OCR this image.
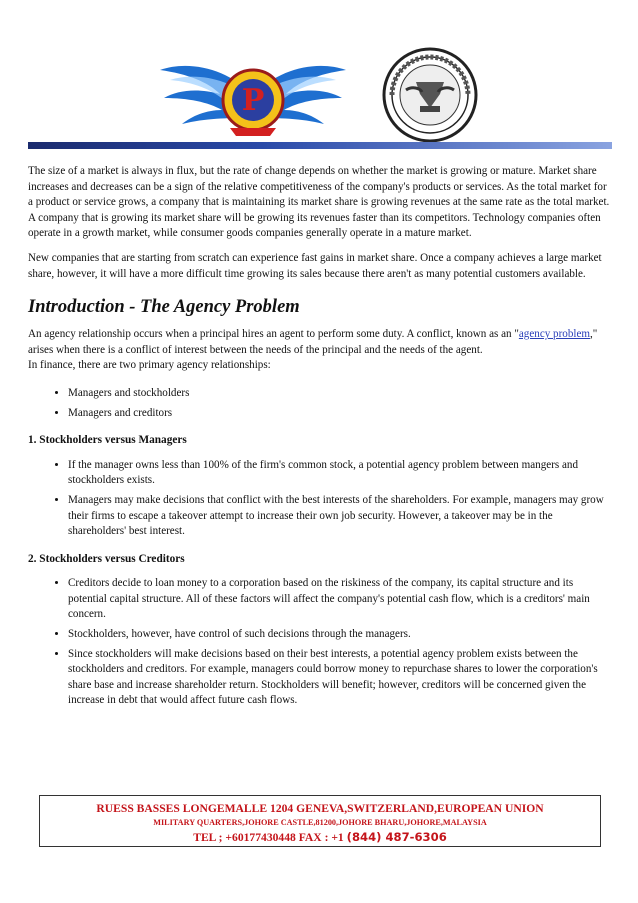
P

The size of a market is always in flux, but the rate of change depends on whether the market is growing or mature. Market share increases and decreases can be a sign of the relative competitiveness of the company's products or services. As the total market for a product or service grows, a company that is maintaining its market share is growing revenues at the same rate as the total market. A company that is growing its market share will be growing its revenues faster than its competitors. Technology companies often operate in a growth market, while consumer goods companies generally operate in a mature market.

New companies that are starting from scratch can experience fast gains in market share. Once a company achieves a large market share, however, it will have a more difficult time growing its sales because there aren't as many potential customers available.

Introduction - The Agency Problem
An agency relationship occurs when a principal hires an agent to perform some duty. A conflict, known as an "agency problem," arises when there is a conflict of interest between the needs of the principal and the needs of the agent.
In finance, there are two primary agency relationships:
• Managers and stockholders
• Managers and creditors
1. Stockholders versus Managers
• If the manager owns less than 100% of the firm's common stock, a potential agency problem between mangers and stockholders exists.
• Managers may make decisions that conflict with the best interests of the shareholders. For example, managers may grow their firms to escape a takeover attempt to increase their own job security. However, a takeover may be in the shareholders' best interest.
2. Stockholders versus Creditors
• Creditors decide to loan money to a corporation based on the riskiness of the company, its capital structure and its potential capital structure. All of these factors will affect the company's potential cash flow, which is a creditors' main concern.
• Stockholders, however, have control of such decisions through the managers.
• Since stockholders will make decisions based on their best interests, a potential agency problem exists between the stockholders and creditors. For example, managers could borrow money to repurchase shares to lower the corporation's share base and increase shareholder return. Stockholders will benefit; however, creditors will be concerned given the increase in debt that would affect future cash flows.
RUESS BASSES LONGEMALLE 1204 GENEVA,SWITZERLAND,EUROPEAN UNION
MILITARY QUARTERS,JOHORE CASTLE,81200,JOHORE BHARU,JOHORE,MALAYSIA
TEL ; +60177430448 FAX : +1 (844) 487-6306
